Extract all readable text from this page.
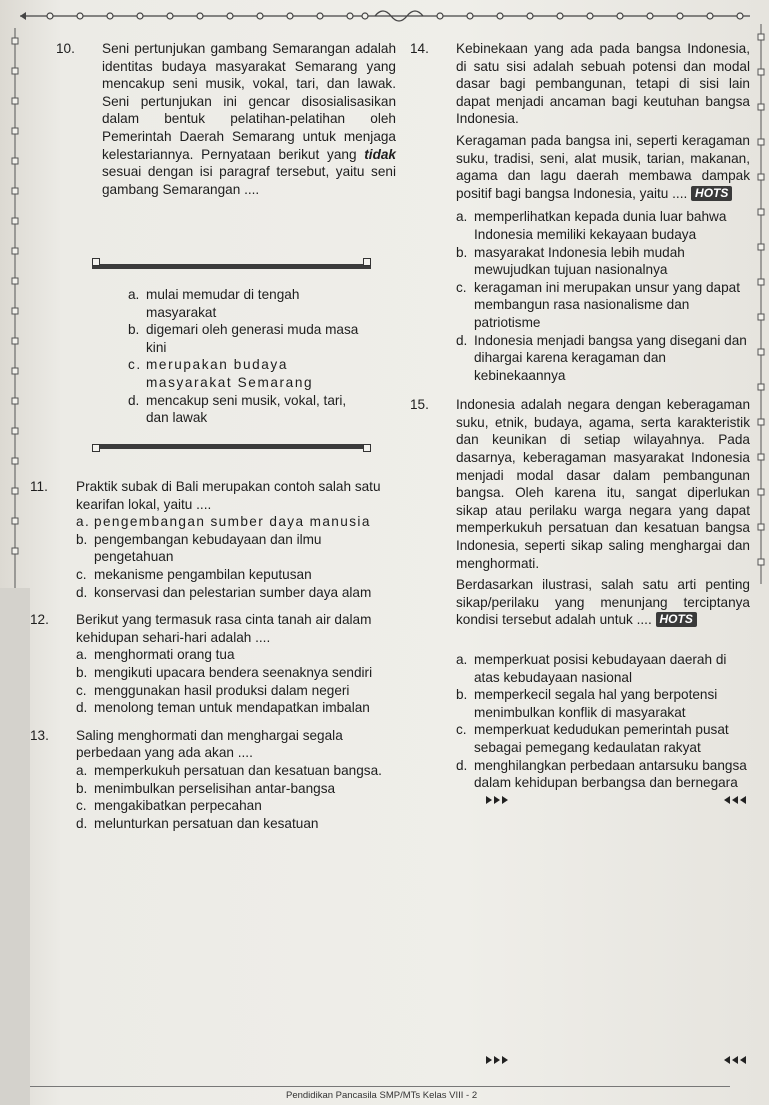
10. Seni pertunjukan gambang Semarangan adalah identitas budaya masyarakat Semarang yang mencakup seni musik, vokal, tari, dan lawak. Seni pertunjukan ini gencar disosialisasikan dalam bentuk pelatihan-pelatihan oleh Pemerintah Daerah Semarang untuk menjaga kelestariannya. Pernyataan berikut yang tidak sesuai dengan isi paragraf tersebut, yaitu seni gambang Semarangan ....

a. mulai memudar di tengah masyarakat
b. digemari oleh generasi muda masa kini
c. merupakan budaya masyarakat Semarang
d. mencakup seni musik, vokal, tari, dan lawak
11. Praktik subak di Bali merupakan contoh salah satu kearifan lokal, yaitu ....

a. pengembangan sumber daya manusia
b. pengembangan kebudayaan dan ilmu pengetahuan
c. mekanisme pengambilan keputusan
d. konservasi dan pelestarian sumber daya alam
12. Berikut yang termasuk rasa cinta tanah air dalam kehidupan sehari-hari adalah ....

a. menghormati orang tua
b. mengikuti upacara bendera seenaknya sendiri
c. menggunakan hasil produksi dalam negeri
d. menolong teman untuk mendapatkan imbalan
13. Saling menghormati dan menghargai segala perbedaan yang ada akan ....

a. memperkukuh persatuan dan kesatuan bangsa.
b. menimbulkan perselisihan antar-bangsa
c. mengakibatkan perpecahan
d. melunturkan persatuan dan kesatuan
14. Kebinekaan yang ada pada bangsa Indonesia, di satu sisi adalah sebuah potensi dan modal dasar bagi pembangunan, tetapi di sisi lain dapat menjadi ancaman bagi keutuhan bangsa Indonesia.

Keragaman pada bangsa ini, seperti keragaman suku, tradisi, seni, alat musik, tarian, makanan, agama dan lagu daerah membawa dampak positif bagi bangsa Indonesia, yaitu .... HOTS

a. memperlihatkan kepada dunia luar bahwa Indonesia memiliki kekayaan budaya
b. masyarakat Indonesia lebih mudah mewujudkan tujuan nasionalnya
c. keragaman ini merupakan unsur yang dapat membangun rasa nasionalisme dan patriotisme
d. Indonesia menjadi bangsa yang disegani dan dihargai karena keragaman dan kebinekaannya
15. Indonesia adalah negara dengan keberagaman suku, etnik, budaya, agama, serta karakteristik dan keunikan di setiap wilayahnya. Pada dasarnya, keberagaman masyarakat Indonesia menjadi modal dasar dalam pembangunan bangsa. Oleh karena itu, sangat diperlukan sikap atau perilaku warga negara yang dapat memperkukuh persatuan dan kesatuan bangsa Indonesia, seperti sikap saling menghargai dan menghormati.

Berdasarkan ilustrasi, salah satu arti penting sikap/perilaku yang menunjang terciptanya kondisi tersebut adalah untuk .... HOTS

a. memperkuat posisi kebudayaan daerah di atas kebudayaan nasional
b. memperkecil segala hal yang berpotensi menimbulkan konflik di masyarakat
c. memperkuat kedudukan pemerintah pusat sebagai pemegang kedaulatan rakyat
d. menghilangkan perbedaan antarsuku bangsa dalam kehidupan berbangsa dan bernegara
Pendidikan Pancasila SMP/MTs Kelas VIII - 2
